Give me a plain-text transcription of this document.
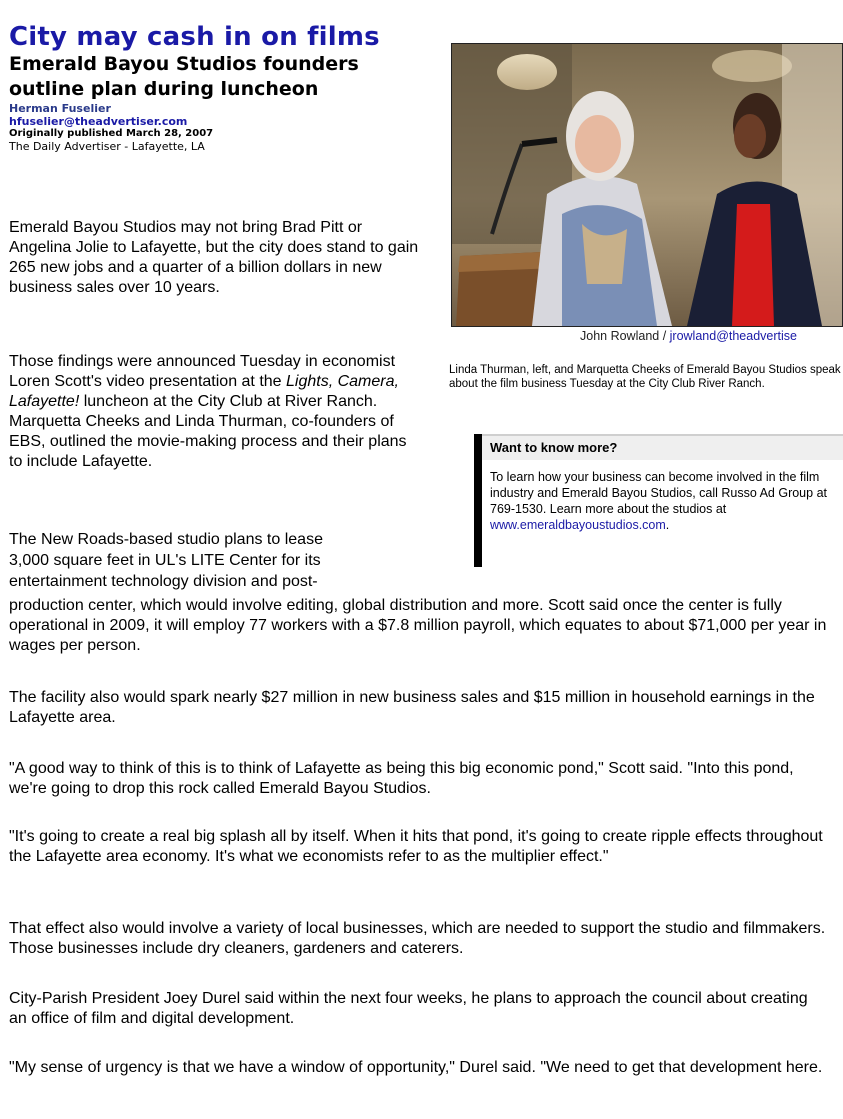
City may cash in on films
Emerald Bayou Studios founders
outline plan during luncheon
Herman Fuselier
hfuselier@theadvertiser.com
Originally published March 28, 2007
The Daily Advertiser - Lafayette, LA
John Rowland / jrowland@theadvertise
Linda Thurman, left, and Marquetta Cheeks of Emerald Bayou Studios speak about the film business Tuesday at the City Club River Ranch.
Want to know more?
To learn how your business can become involved in the film industry and Emerald Bayou Studios, call Russo Ad Group at 769-1530. Learn more about the studios at www.emeraldbayoustudios.com.

Emerald Bayou Studios may not bring Brad Pitt or Angelina Jolie to Lafayette, but the city does stand to gain 265 new jobs and a quarter of a billion dollars in new business sales over 10 years.

Those findings were announced Tuesday in economist Loren Scott's video presentation at the Lights, Camera, Lafayette! luncheon at the City Club at River Ranch. Marquetta Cheeks and Linda Thurman, co-founders of EBS, outlined the movie-making process and their plans to include Lafayette.

The New Roads-based studio plans to lease
3,000 square feet in UL's LITE Center for its
entertainment technology division and post-

production center, which would involve editing, global distribution and more. Scott said once the center is fully operational in 2009, it will employ 77 workers with a $7.8 million payroll, which equates to about $71,000 per year in wages per person.

The facility also would spark nearly $27 million in new business sales and $15 million in household earnings in the Lafayette area.

"A good way to think of this is to think of Lafayette as being this big economic pond," Scott said. "Into this pond, we're going to drop this rock called Emerald Bayou Studios.

"It's going to create a real big splash all by itself. When it hits that pond, it's going to create ripple effects throughout the Lafayette area economy. It's what we economists refer to as the multiplier effect."

That effect also would involve a variety of local businesses, which are needed to support the studio and filmmakers. Those businesses include dry cleaners, gardeners and caterers.

City-Parish President Joey Durel said within the next four weeks, he plans to approach the council about creating an office of film and digital development.

"My sense of urgency is that we have a window of opportunity," Durel said. "We need to get that development here.
